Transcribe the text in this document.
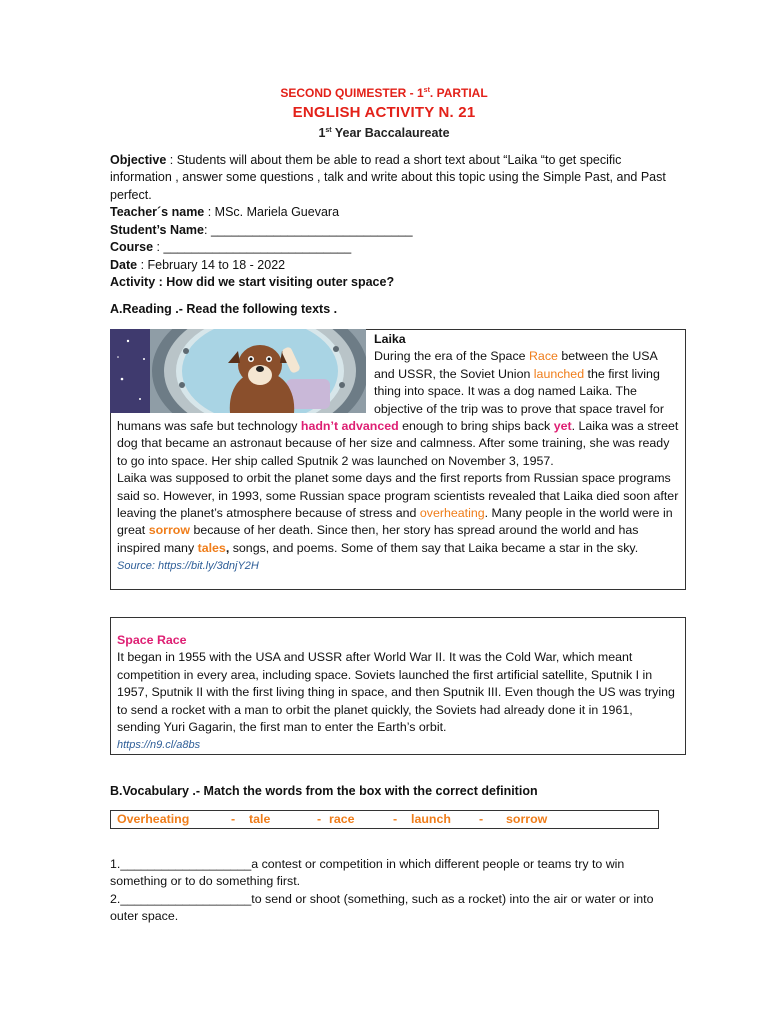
SECOND QUIMESTER - 1st. PARTIAL
ENGLISH ACTIVITY N. 21
1st Year Baccalaureate
Objective : Students will about them be able to read a short text about “Laika “to get specific information , answer some questions , talk and write about this topic using the Simple Past, and Past perfect.
Teacher´s name : MSc. Mariela Guevara
Student’s Name: _____________________________
Course : ___________________________
Date : February 14 to 18 - 2022
Activity : How did we start visiting outer space?
A.Reading .- Read the following texts .
Laika
During the era of the Space Race between the USA and USSR, the Soviet Union launched the first living thing into space. It was a dog named Laika. The objective of the trip was to prove that space travel for humans was safe but technology hadn’t advanced enough to bring ships back yet. Laika was a street dog that became an astronaut because of her size and calmness. After some training, she was ready to go into space. Her ship called Sputnik 2 was launched on November 3, 1957.
Laika was supposed to orbit the planet some days and the first reports from Russian space programs said so. However, in 1993, some Russian space program scientists revealed that Laika died soon after leaving the planet’s atmosphere because of stress and overheating. Many people in the world were in great sorrow because of her death. Since then, her story has spread around the world and has inspired many tales, songs, and poems. Some of them say that Laika became a star in the sky.
Source: https://bit.ly/3dnjY2H
Space Race
It began in 1955 with the USA and USSR after World War II. It was the Cold War, which meant competition in every area, including space. Soviets launched the first artificial satellite, Sputnik I in 1957, Sputnik II with the first living thing in space, and then Sputnik III. Even though the US was trying to send a rocket with a man to orbit the planet quickly, the Soviets had already done it in 1961, sending Yuri Gagarin, the first man to enter the Earth’s orbit.
https://n9.cl/a8bs
B.Vocabulary .- Match the words from the box with the correct definition
Overheating	- tale	- race	- launch - sorrow
1.___________________a contest or competition in which different people or teams try to win something or to do something first.
2.___________________to send or shoot (something, such as a rocket) into the air or water or into outer space.
